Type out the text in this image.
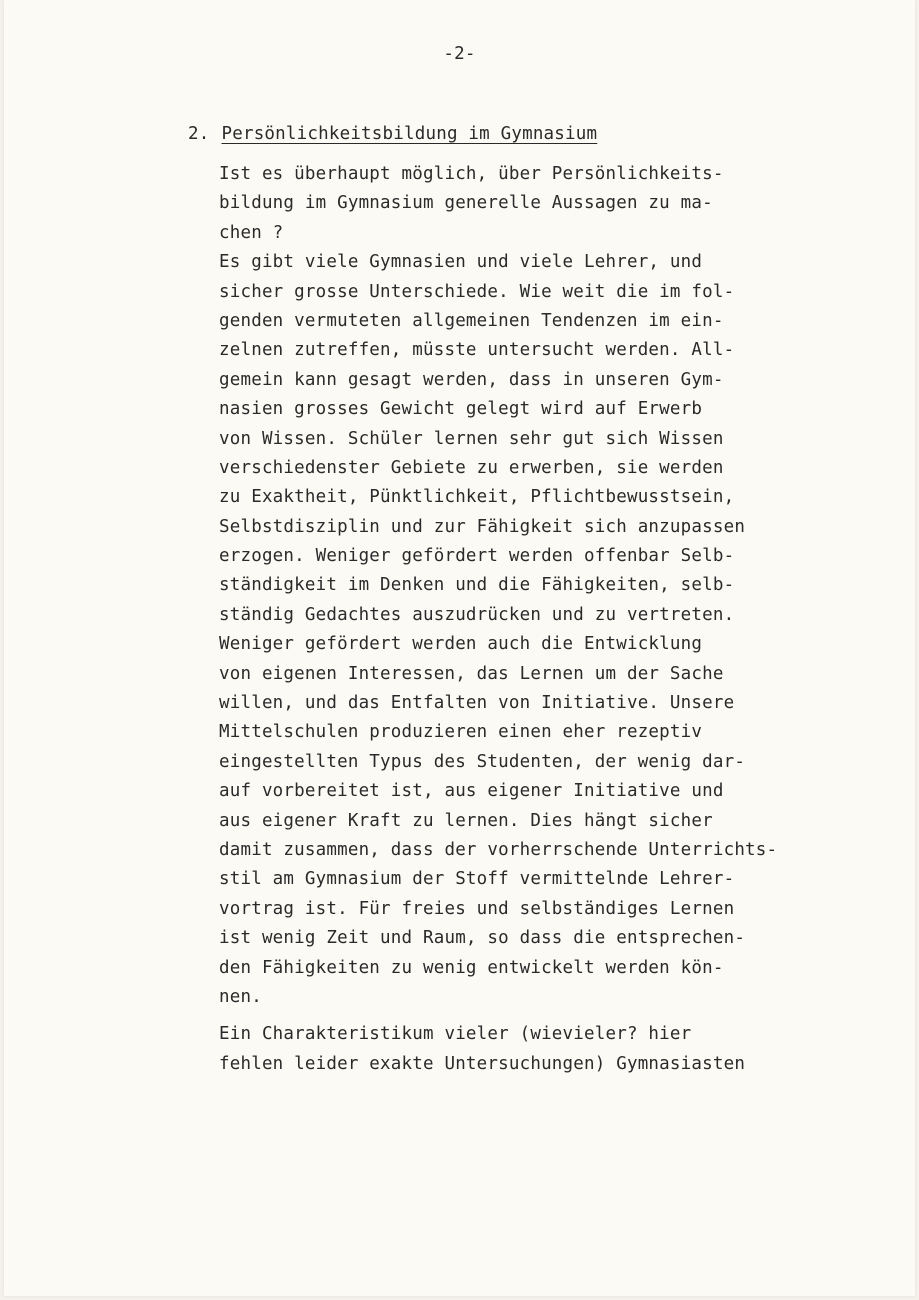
-2-
2. Persönlichkeitsbildung im Gymnasium
Ist es überhaupt möglich, über Persönlichkeits-
bildung im Gymnasium generelle Aussagen zu ma-
chen ?
Es gibt viele Gymnasien und viele Lehrer, und
sicher grosse Unterschiede. Wie weit die im fol-
genden vermuteten allgemeinen Tendenzen im ein-
zelnen zutreffen, müsste untersucht werden. All-
gemein kann gesagt werden, dass in unseren Gym-
nasien grosses Gewicht gelegt wird auf Erwerb
von Wissen. Schüler lernen sehr gut sich Wissen
verschiedenster Gebiete zu erwerben, sie werden
zu Exaktheit, Pünktlichkeit, Pflichtbewusstsein,
Selbstdisziplin und zur Fähigkeit sich anzupassen
erzogen. Weniger gefördert werden offenbar Selb-
ständigkeit im Denken und die Fähigkeiten, selb-
ständig Gedachtes auszudrücken und zu vertreten.
Weniger gefördert werden auch die Entwicklung
von eigenen Interessen, das Lernen um der Sache
willen, und das Entfalten von Initiative. Unsere
Mittelschulen produzieren einen eher rezeptiv
eingestellten Typus des Studenten, der wenig dar-
auf vorbereitet ist, aus eigener Initiative und
aus eigener Kraft zu lernen. Dies hängt sicher
damit zusammen, dass der vorherrschende Unterrichts-
stil am Gymnasium der Stoff vermittelnde Lehrer-
vortrag ist. Für freies und selbständiges Lernen
ist wenig Zeit und Raum, so dass die entsprechen-
den Fähigkeiten zu wenig entwickelt werden kön-
nen.
Ein Charakteristikum vieler (wievieler? hier
fehlen leider exakte Untersuchungen) Gymnasiasten
